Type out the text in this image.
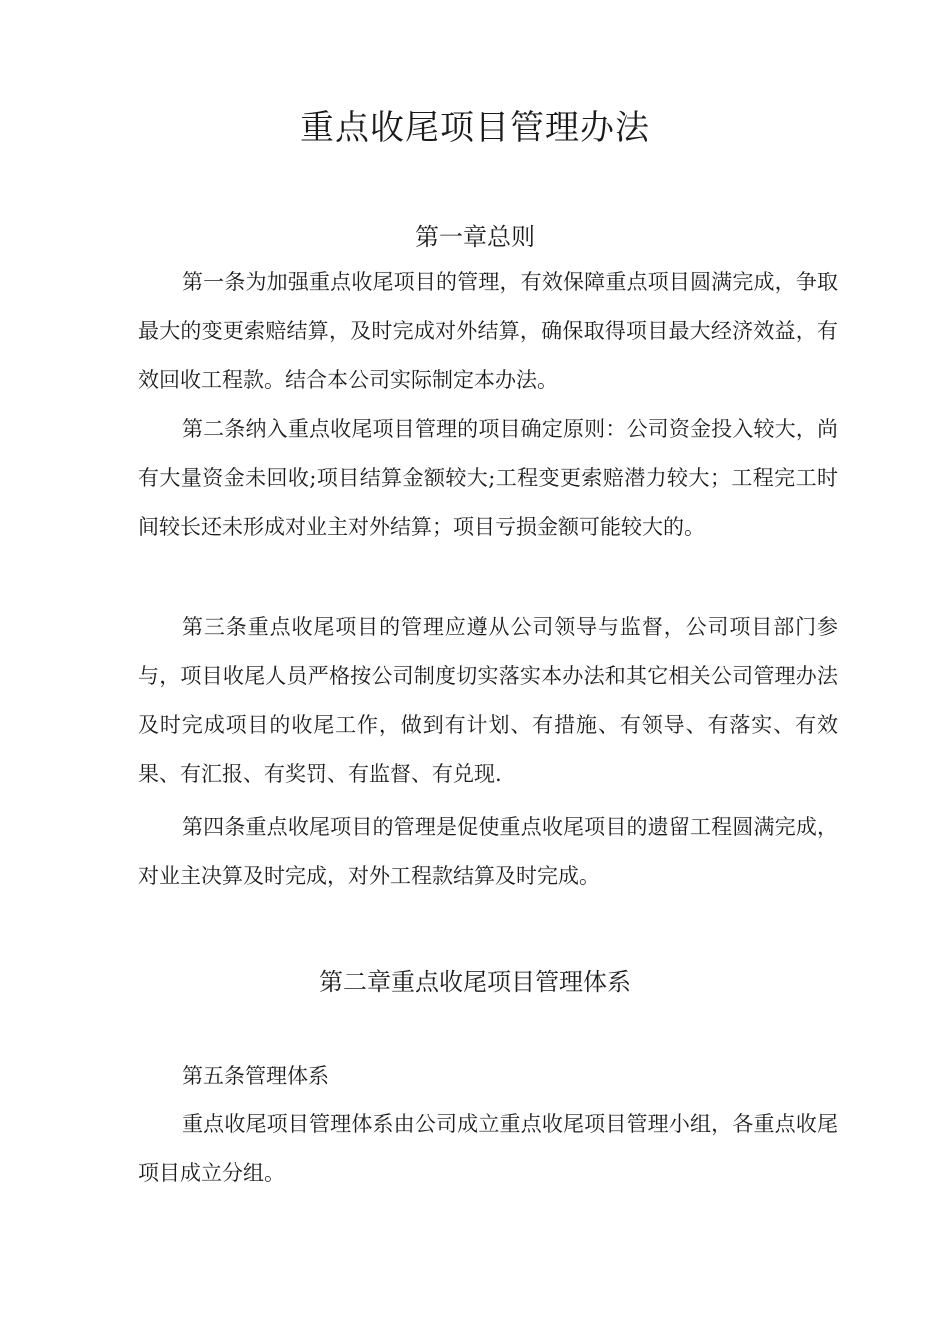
重点收尾项目管理办法
第一章总则

第一条为加强重点收尾项目的管理，有效保障重点项目圆满完成，争取最大的变更索赔结算，及时完成对外结算，确保取得项目最大经济效益，有效回收工程款。结合本公司实际制定本办法。

第二条纳入重点收尾项目管理的项目确定原则：公司资金投入较大，尚有大量资金未回收;项目结算金额较大;工程变更索赔潜力较大；工程完工时间较长还未形成对业主对外结算；项目亏损金额可能较大的。

第三条重点收尾项目的管理应遵从公司领导与监督，公司项目部门参与，项目收尾人员严格按公司制度切实落实本办法和其它相关公司管理办法及时完成项目的收尾工作，做到有计划、有措施、有领导、有落实、有效果、有汇报、有奖罚、有监督、有兑现.

第四条重点收尾项目的管理是促使重点收尾项目的遗留工程圆满完成，对业主决算及时完成，对外工程款结算及时完成。

第二章重点收尾项目管理体系

第五条管理体系

重点收尾项目管理体系由公司成立重点收尾项目管理小组，各重点收尾项目成立分组。
